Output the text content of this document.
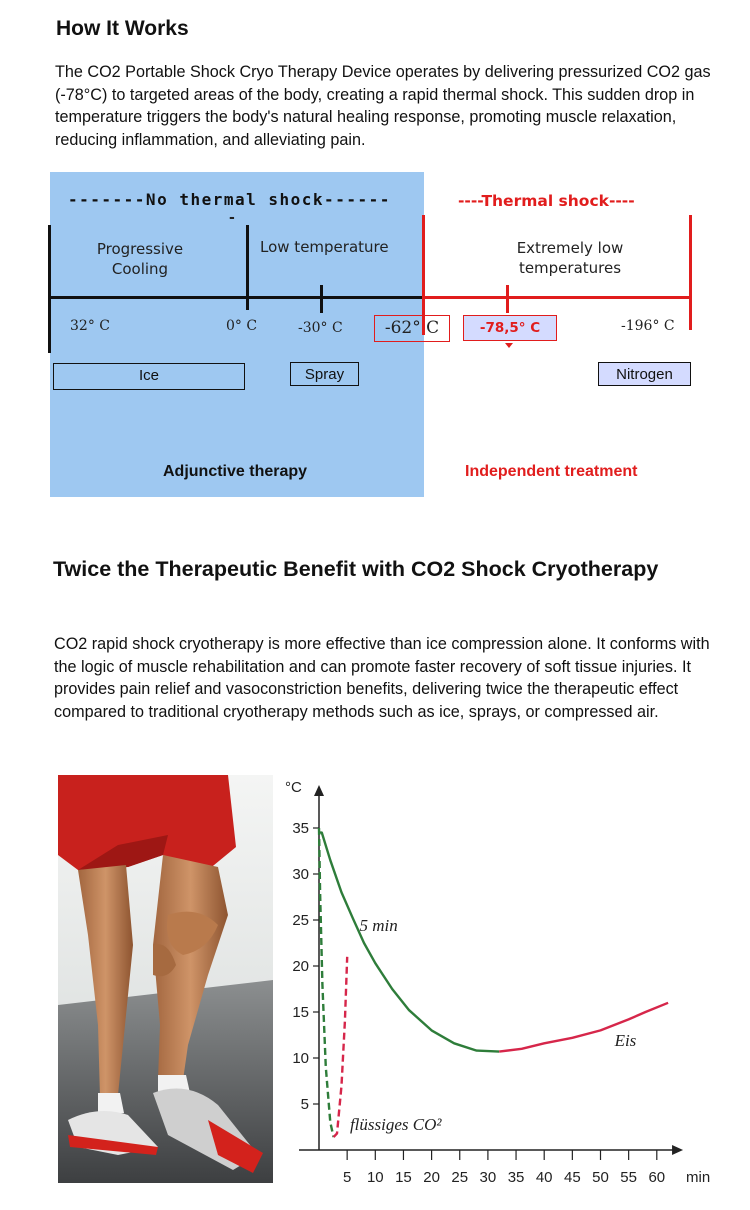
How It Works

The CO2 Portable Shock Cryo Therapy Device operates by delivering pressurized CO2 gas (-78°C) to targeted areas of the body, creating a rapid thermal shock. This sudden drop in temperature triggers the body's natural healing response, promoting muscle relaxation, reducing inflammation, and alleviating pain.

-------No thermal shock------
-
----Thermal shock----
Progressive Cooling
Low temperature	Extremely low temperatures
32° C	0° C	-30° C	-62° C	-78,5° C	-196° C
Ice	Spray	Nitrogen
Adjunctive therapy	Independent treatment
Twice the Therapeutic Benefit with CO2 Shock Cryotherapy

CO2 rapid shock cryotherapy is more effective than ice compression alone. It conforms with the logic of muscle rehabilitation and can promote faster recovery of soft tissue injuries. It provides pain relief and vasoconstriction benefits, delivering twice the therapeutic effect compared to traditional cryotherapy methods such as ice, sprays, or compressed air.

°C
min
5
10
15
20
25
30
35
5 10 15 20 25 30 35 40 45 50 55 60
5 min
Eis
flüssiges CO²
